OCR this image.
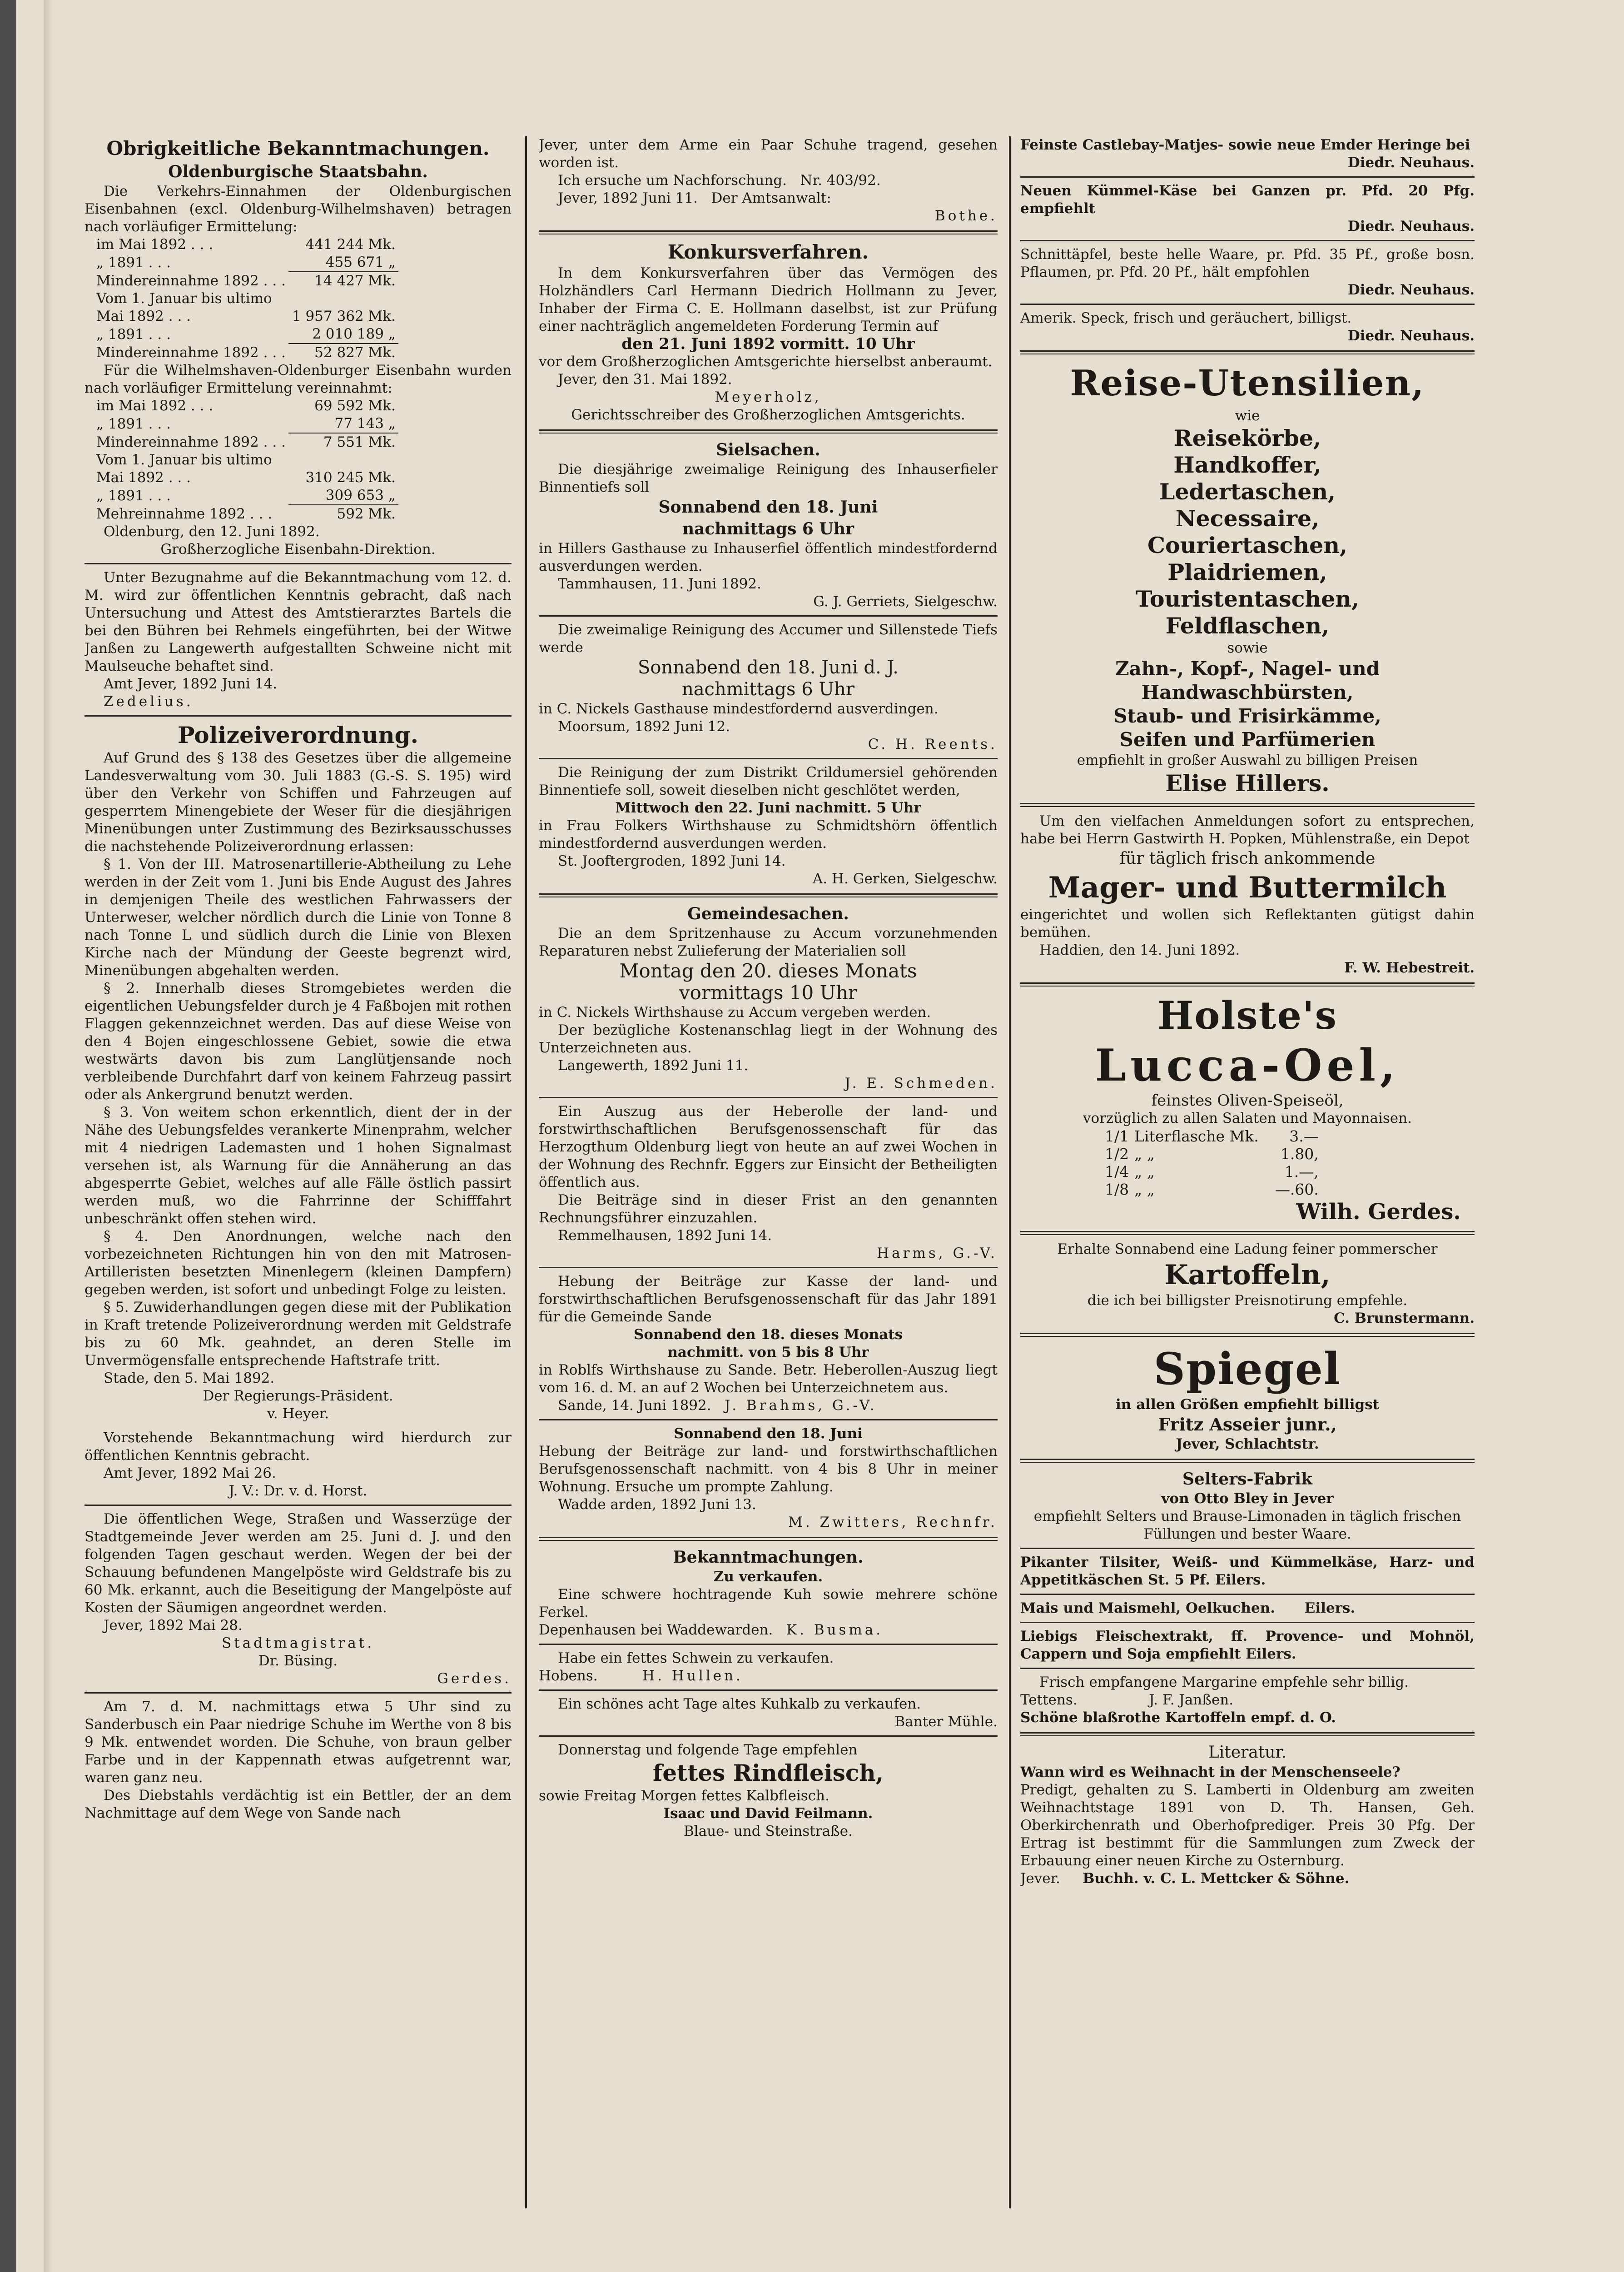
Obrigkeitliche Bekanntmachungen.

Oldenburgische Staatsbahn.

Die Verkehrs-Einnahmen der Oldenburgischen Eisenbahnen (excl. Oldenburg-Wilhelmshaven) betragen nach vorläufiger Ermittelung:

im Mai 1892 . . .	441 244 Mk.
„ 1891 . . .	455 671 „
Mindereinnahme 1892 . . .	14 427 Mk.
Vom 1. Januar bis ultimo	
Mai 1892 . . .	1 957 362 Mk.
„ 1891 . . .	2 010 189 „
Mindereinnahme 1892 . . .	52 827 Mk.

Für die Wilhelmshaven-Oldenburger Eisenbahn wurden nach vorläufiger Ermittelung vereinnahmt:

im Mai 1892 . . .	69 592 Mk.
„ 1891 . . .	77 143 „
Mindereinnahme 1892 . . .	7 551 Mk.
Vom 1. Januar bis ultimo	
Mai 1892 . . .	310 245 Mk.
„ 1891 . . .	309 653 „
Mehreinnahme 1892 . . .	592 Mk.

Oldenburg, den 12. Juni 1892.

Großherzogliche Eisenbahn-Direktion.

Unter Bezugnahme auf die Bekanntmachung vom 12. d. M. wird zur öffentlichen Kenntnis gebracht, daß nach Untersuchung und Attest des Amtstierarztes Bartels die bei den Bühren bei Rehmels eingeführten, bei der Witwe Janßen zu Langewerth aufgestallten Schweine nicht mit Maulseuche behaftet sind.

Amt Jever, 1892 Juni 14.

Zedelius.

Polizeiverordnung.

Auf Grund des § 138 des Gesetzes über die allgemeine Landesverwaltung vom 30. Juli 1883 (G.-S. S. 195) wird über den Verkehr von Schiffen und Fahrzeugen auf gesperrtem Minengebiete der Weser für die diesjährigen Minenübungen unter Zustimmung des Bezirksausschusses die nachstehende Polizeiverordnung erlassen:

§ 1. Von der III. Matrosenartillerie-Abtheilung zu Lehe werden in der Zeit vom 1. Juni bis Ende August des Jahres in demjenigen Theile des westlichen Fahrwassers der Unterweser, welcher nördlich durch die Linie von Tonne 8 nach Tonne L und südlich durch die Linie von Blexen Kirche nach der Mündung der Geeste begrenzt wird, Minenübungen abgehalten werden.

§ 2. Innerhalb dieses Stromgebietes werden die eigentlichen Uebungsfelder durch je 4 Faßbojen mit rothen Flaggen gekennzeichnet werden. Das auf diese Weise von den 4 Bojen eingeschlossene Gebiet, sowie die etwa westwärts davon bis zum Langlütjensande noch verbleibende Durchfahrt darf von keinem Fahrzeug passirt oder als Ankergrund benutzt werden.

§ 3. Von weitem schon erkenntlich, dient der in der Nähe des Uebungsfeldes verankerte Minenprahm, welcher mit 4 niedrigen Lademasten und 1 hohen Signalmast versehen ist, als Warnung für die Annäherung an das abgesperrte Gebiet, welches auf alle Fälle östlich passirt werden muß, wo die Fahrrinne der Schifffahrt unbeschränkt offen stehen wird.

§ 4. Den Anordnungen, welche nach den vorbezeichneten Richtungen hin von den mit Matrosen-Artilleristen besetzten Minenlegern (kleinen Dampfern) gegeben werden, ist sofort und unbedingt Folge zu leisten.

§ 5. Zuwiderhandlungen gegen diese mit der Publikation in Kraft tretende Polizeiverordnung werden mit Geldstrafe bis zu 60 Mk. geahndet, an deren Stelle im Unvermögensfalle entsprechende Haftstrafe tritt.

Stade, den 5. Mai 1892.

Der Regierungs-Präsident.

v. Heyer.

Vorstehende Bekanntmachung wird hierdurch zur öffentlichen Kenntnis gebracht.

Amt Jever, 1892 Mai 26.

J. V.: Dr. v. d. Horst.

Die öffentlichen Wege, Straßen und Wasserzüge der Stadtgemeinde Jever werden am 25. Juni d. J. und den folgenden Tagen geschaut werden. Wegen der bei der Schauung befundenen Mangelpöste wird Geldstrafe bis zu 60 Mk. erkannt, auch die Beseitigung der Mangelpöste auf Kosten der Säumigen angeordnet werden.

Jever, 1892 Mai 28.

Stadtmagistrat.

Dr. Büsing.

Gerdes.

Am 7. d. M. nachmittags etwa 5 Uhr sind zu Sanderbusch ein Paar niedrige Schuhe im Werthe von 8 bis 9 Mk. entwendet worden. Die Schuhe, von braun gelber Farbe und in der Kappennath etwas aufgetrennt war, waren ganz neu.

Des Diebstahls verdächtig ist ein Bettler, der an dem Nachmittage auf dem Wege von Sande nach

Jever, unter dem Arme ein Paar Schuhe tragend, gesehen worden ist.

Ich ersuche um Nachforschung. Nr. 403/92.

Jever, 1892 Juni 11. Der Amtsanwalt:

Bothe.

Konkursverfahren.

In dem Konkursverfahren über das Vermögen des Holzhändlers Carl Hermann Diedrich Hollmann zu Jever, Inhaber der Firma C. E. Hollmann daselbst, ist zur Prüfung einer nachträglich angemeldeten Forderung Termin auf

den 21. Juni 1892 vormitt. 10 Uhr

vor dem Großherzoglichen Amtsgerichte hierselbst anberaumt.

Jever, den 31. Mai 1892.

Meyerholz,

Gerichtsschreiber des Großherzoglichen Amtsgerichts.

Sielsachen.

Die diesjährige zweimalige Reinigung des Inhauserfieler Binnentiefs soll

Sonnabend den 18. Juni

nachmittags 6 Uhr

in Hillers Gasthause zu Inhauserfiel öffentlich mindestfordernd ausverdungen werden.

Tammhausen, 11. Juni 1892.

G. J. Gerriets, Sielgeschw.

Die zweimalige Reinigung des Accumer und Sillenstede Tiefs werde

Sonnabend den 18. Juni d. J.

nachmittags 6 Uhr

in C. Nickels Gasthause mindestfordernd ausverdingen.

Moorsum, 1892 Juni 12.

C. H. Reents.

Die Reinigung der zum Distrikt Crildumersiel gehörenden Binnentiefe soll, soweit dieselben nicht geschlötet werden,

Mittwoch den 22. Juni nachmitt. 5 Uhr

in Frau Folkers Wirthshause zu Schmidtshörn öffentlich mindestfordernd ausverdungen werden.

St. Jooftergroden, 1892 Juni 14.

A. H. Gerken, Sielgeschw.

Gemeindesachen.

Die an dem Spritzenhause zu Accum vorzunehmenden Reparaturen nebst Zulieferung der Materialien soll

Montag den 20. dieses Monats

vormittags 10 Uhr

in C. Nickels Wirthshause zu Accum vergeben werden.

Der bezügliche Kostenanschlag liegt in der Wohnung des Unterzeichneten aus.

Langewerth, 1892 Juni 11.

J. E. Schmeden.

Ein Auszug aus der Heberolle der land- und forstwirthschaftlichen Berufsgenossenschaft für das Herzogthum Oldenburg liegt von heute an auf zwei Wochen in der Wohnung des Rechnfr. Eggers zur Einsicht der Betheiligten öffentlich aus.

Die Beiträge sind in dieser Frist an den genannten Rechnungsführer einzuzahlen.

Remmelhausen, 1892 Juni 14.

Harms, G.-V.

Hebung der Beiträge zur Kasse der land- und forstwirthschaftlichen Berufsgenossenschaft für das Jahr 1891 für die Gemeinde Sande

Sonnabend den 18. dieses Monats

nachmitt. von 5 bis 8 Uhr

in Roblfs Wirthshause zu Sande. Betr. Heberollen-Auszug liegt vom 16. d. M. an auf 2 Wochen bei Unterzeichnetem aus.

Sande, 14. Juni 1892. J. Brahms, G.-V.

Sonnabend den 18. Juni

Hebung der Beiträge zur land- und forstwirthschaftlichen Berufsgenossenschaft nachmitt. von 4 bis 8 Uhr in meiner Wohnung. Ersuche um prompte Zahlung.

Wadde arden, 1892 Juni 13.

M. Zwitters, Rechnfr.

Bekanntmachungen.

Zu verkaufen.

Eine schwere hochtragende Kuh sowie mehrere schöne Ferkel.

Depenhausen bei Waddewarden. K. Busma.

Habe ein fettes Schwein zu verkaufen.

Hobens.	H. Hullen.

Ein schönes acht Tage altes Kuhkalb zu verkaufen.

Banter Mühle.

Donnerstag und folgende Tage empfehlen

fettes Rindfleisch,

sowie Freitag Morgen fettes Kalbfleisch.

Isaac und David Feilmann.

Blaue- und Steinstraße.

Feinste Castlebay-Matjes- sowie neue Emder Heringe bei

Diedr. Neuhaus.

Neuen Kümmel-Käse bei Ganzen pr. Pfd. 20 Pfg. empfiehlt

Diedr. Neuhaus.

Schnittäpfel, beste helle Waare, pr. Pfd. 35 Pf., große bosn. Pflaumen, pr. Pfd. 20 Pf., hält empfohlen

Diedr. Neuhaus.

Amerik. Speck, frisch und geräuchert, billigst.

Diedr. Neuhaus.

Reise-Utensilien,

wie

Reisekörbe,

Handkoffer,

Ledertaschen,

Necessaire,

Couriertaschen,

Plaidriemen,

Touristentaschen,

Feldflaschen,

sowie

Zahn-, Kopf-, Nagel- und Handwaschbürsten,

Staub- und Frisirkämme,

Seifen und Parfümerien

empfiehlt in großer Auswahl zu billigen Preisen

Elise Hillers.

Um den vielfachen Anmeldungen sofort zu entsprechen, habe bei Herrn Gastwirth H. Popken, Mühlenstraße, ein Depot

für täglich frisch ankommende

Mager- und Buttermilch

eingerichtet und wollen sich Reflektanten gütigst dahin bemühen.

Haddien, den 14. Juni 1892.

F. W. Hebestreit.

Holste's

Lucca-Oel,

feinstes Oliven-Speiseöl,

vorzüglich zu allen Salaten und Mayonnaisen.

1/1	Literflasche Mk.	3.—
1/2	„ „	1.80,
1/4	„ „	1.—,
1/8	„ „	—.60.

Wilh. Gerdes.

Erhalte Sonnabend eine Ladung feiner pommerscher

Kartoffeln,

die ich bei billigster Preisnotirung empfehle.

C. Brunstermann.

Spiegel

in allen Größen empfiehlt billigst

Fritz Asseier junr.,

Jever, Schlachtstr.

Selters-Fabrik

von Otto Bley in Jever

empfiehlt Selters und Brause-Limonaden in täglich frischen Füllungen und bester Waare.

Pikanter Tilsiter, Weiß- und Kümmelkäse, Harz- und Appetitkäschen St. 5 Pf. Eilers.

Mais und Maismehl, Oelkuchen. Eilers.

Liebigs Fleischextrakt, ff. Provence- und Mohnöl, Cappern und Soja empfiehlt Eilers.

Frisch empfangene Margarine empfehle sehr billig.

Tettens.	J. F. Janßen.

Schöne blaßrothe Kartoffeln empf. d. O.

Literatur.

Wann wird es Weihnacht in der Menschenseele?

Predigt, gehalten zu S. Lamberti in Oldenburg am zweiten Weihnachtstage 1891 von D. Th. Hansen, Geh. Oberkirchenrath und Oberhofprediger. Preis 30 Pfg. Der Ertrag ist bestimmt für die Sammlungen zum Zweck der Erbauung einer neuen Kirche zu Osternburg.

Jever. Buchh. v. C. L. Mettcker & Söhne.
